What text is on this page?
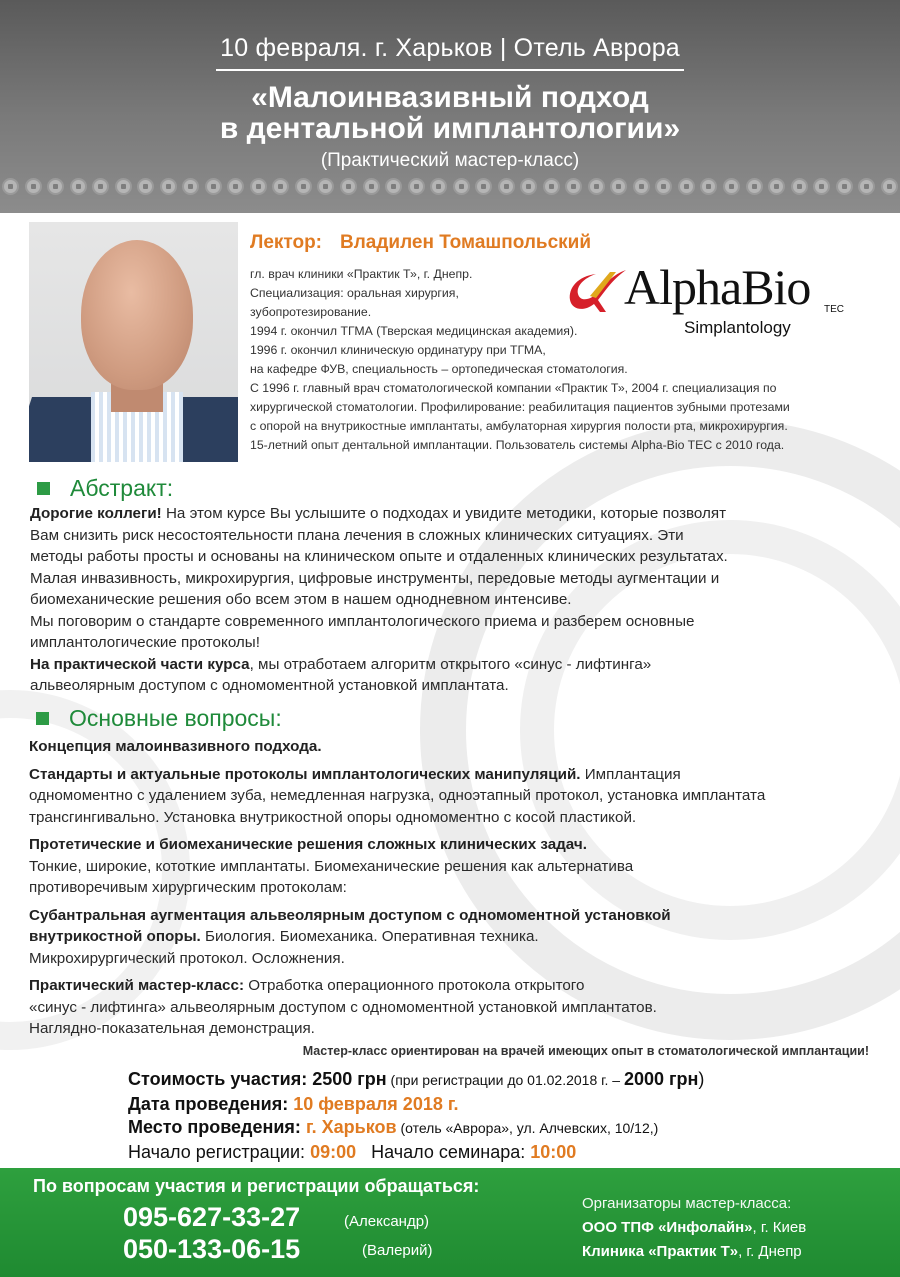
10 февраля. г. Харьков | Отель Аврора
«Малоинвазивный подход
в дентальной имплантологии»
(Практический мастер-класс)
Лектор: Владилен Томашпольский
гл. врач клиники «Практик Т», г. Днепр.
Специализация: оральная хирургия,
зубопротезирование.
1994 г. окончил ТГМА (Тверская медицинская академия).
1996 г. окончил клиническую ординатуру при ТГМА,
на кафедре ФУВ, специальность – ортопедическая стоматология.
С 1996 г. главный врач стоматологической компании «Практик Т», 2004 г. специализация по
хирургической стоматологии. Профилирование: реабилитация пациентов зубными протезами
с опорой на внутрикостные имплантаты, амбулаторная хирургия полости рта, микрохирургия.
15-летний опыт дентальной имплантации. Пользователь системы Alpha-Bio TEC с 2010 года.
AlphaBio TEC
Simplantology
Абстракт:

Дорогие коллеги! На этом курсе Вы услышите о подходах и увидите методики, которые позволят

Вам снизить риск несостоятельности плана лечения в сложных клинических ситуациях. Эти

методы работы просты и основаны на клиническом опыте и отдаленных клинических результатах.

Малая инвазивность, микрохирургия, цифровые инструменты, передовые методы аугментации и

биомеханические решения обо всем этом в нашем однодневном интенсиве.

Мы поговорим о стандарте современного имплантологического приема и разберем основные

имплантологические протоколы!

На практической части курса, мы отработаем алгоритм открытого «синус - лифтинга»

альвеолярным доступом с одномоментной установкой имплантата.

Основные вопросы:
Концепция малоинвазивного подхода.
Стандарты и актуальные протоколы имплантологических манипуляций. Имплантация
одномоментно с удалением зуба, немедленная нагрузка, одноэтапный протокол, установка имплантата
трансгингивально. Установка внутрикостной опоры одномоментно с косой пластикой.
Протетические и биомеханические решения сложных клинических задач.
Тонкие, широкие, кототкие имплантаты. Биомеханические решения как альтернатива
противоречивым хирургическим протоколам:
Субантральная аугментация альвеолярным доступом с одномоментной установкой
внутрикостной опоры. Биология. Биомеханика. Оперативная техника.
Микрохирургический протокол. Осложнения.
Практический мастер-класс: Отработка операционного протокола открытого
«синус - лифтинга» альвеолярным доступом с одномоментной установкой имплантатов.
Наглядно-показательная демонстрация.
Мастер-класс ориентирован на врачей имеющих опыт в стоматологической имплантации!
Стоимость участия: 2500 грн (при регистрации до 01.02.2018 г. – 2000 грн)
Дата проведения: 10 февраля 2018 г.
Место проведения: г. Харьков (отель «Аврора», ул. Алчевских, 10/12,)
Начало регистрации: 09:00 Начало семинара: 10:00
По вопросам участия и регистрации обращаться:
095-627-33-27	(Александр)
050-133-06-15	(Валерий)
Организаторы мастер-класса:
ООО ТПФ «Инфолайн», г. Киев
Клиника «Практик Т», г. Днепр
